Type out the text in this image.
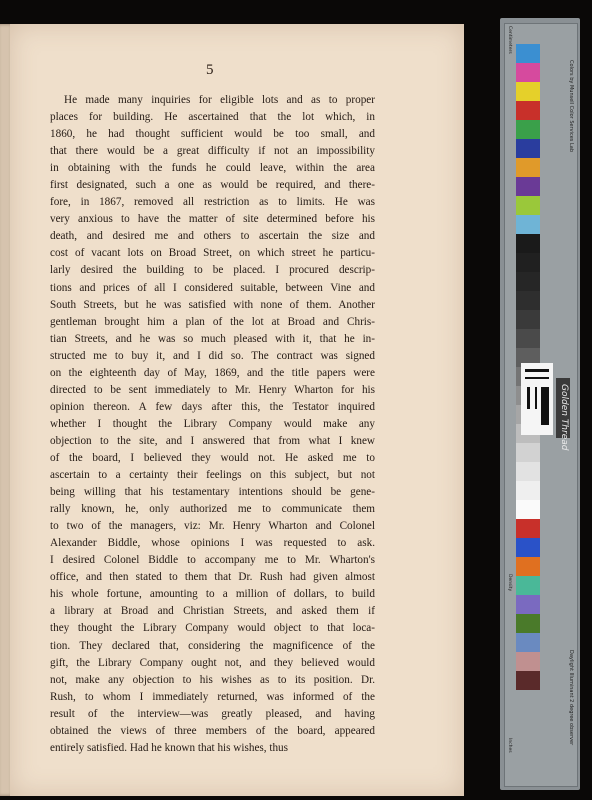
5
He made many inquiries for eligible lots and as to proper
places for building. He ascertained that the lot which, in
1860, he had thought sufficient would be too small, and
that there would be a great difficulty if not an impossibility
in obtaining with the funds he could leave, within the area
first designated, such a one as would be required, and there-
fore, in 1867, removed all restriction as to limits. He was
very anxious to have the matter of site determined before his
death, and desired me and others to ascertain the size and
cost of vacant lots on Broad Street, on which street he particu-
larly desired the building to be placed. I procured descrip-
tions and prices of all I considered suitable, between Vine and
South Streets, but he was satisfied with none of them. Another
gentleman brought him a plan of the lot at Broad and Chris-
tian Streets, and he was so much pleased with it, that he in-
structed me to buy it, and I did so. The contract was signed
on the eighteenth day of May, 1869, and the title papers were
directed to be sent immediately to Mr. Henry Wharton for his
opinion thereon. A few days after this, the Testator inquired
whether I thought the Library Company would make any
objection to the site, and I answered that from what I knew
of the board, I believed they would not. He asked me to
ascertain to a certainty their feelings on this subject, but not
being willing that his testamentary intentions should be gene-
rally known, he, only authorized me to communicate them
to two of the managers, viz: Mr. Henry Wharton and Colonel
Alexander Biddle, whose opinions I was requested to ask.
I desired Colonel Biddle to accompany me to Mr. Wharton's
office, and then stated to them that Dr. Rush had given almost
his whole fortune, amounting to a million of dollars, to build
a library at Broad and Christian Streets, and asked them if
they thought the Library Company would object to that loca-
tion. They declared that, considering the magnificence of the
gift, the Library Company ought not, and they believed would
not, make any objection to his wishes as to its position. Dr.
Rush, to whom I immediately returned, was informed of the
result of the interview—was greatly pleased, and having
obtained the views of three members of the board, appeared
entirely satisfied. Had he known that his wishes, thus
Colors by Munsell Color Services Lab
Centimeters
Density
Inches
Daylight Illuminant 2 degree observer
Golden Thread
